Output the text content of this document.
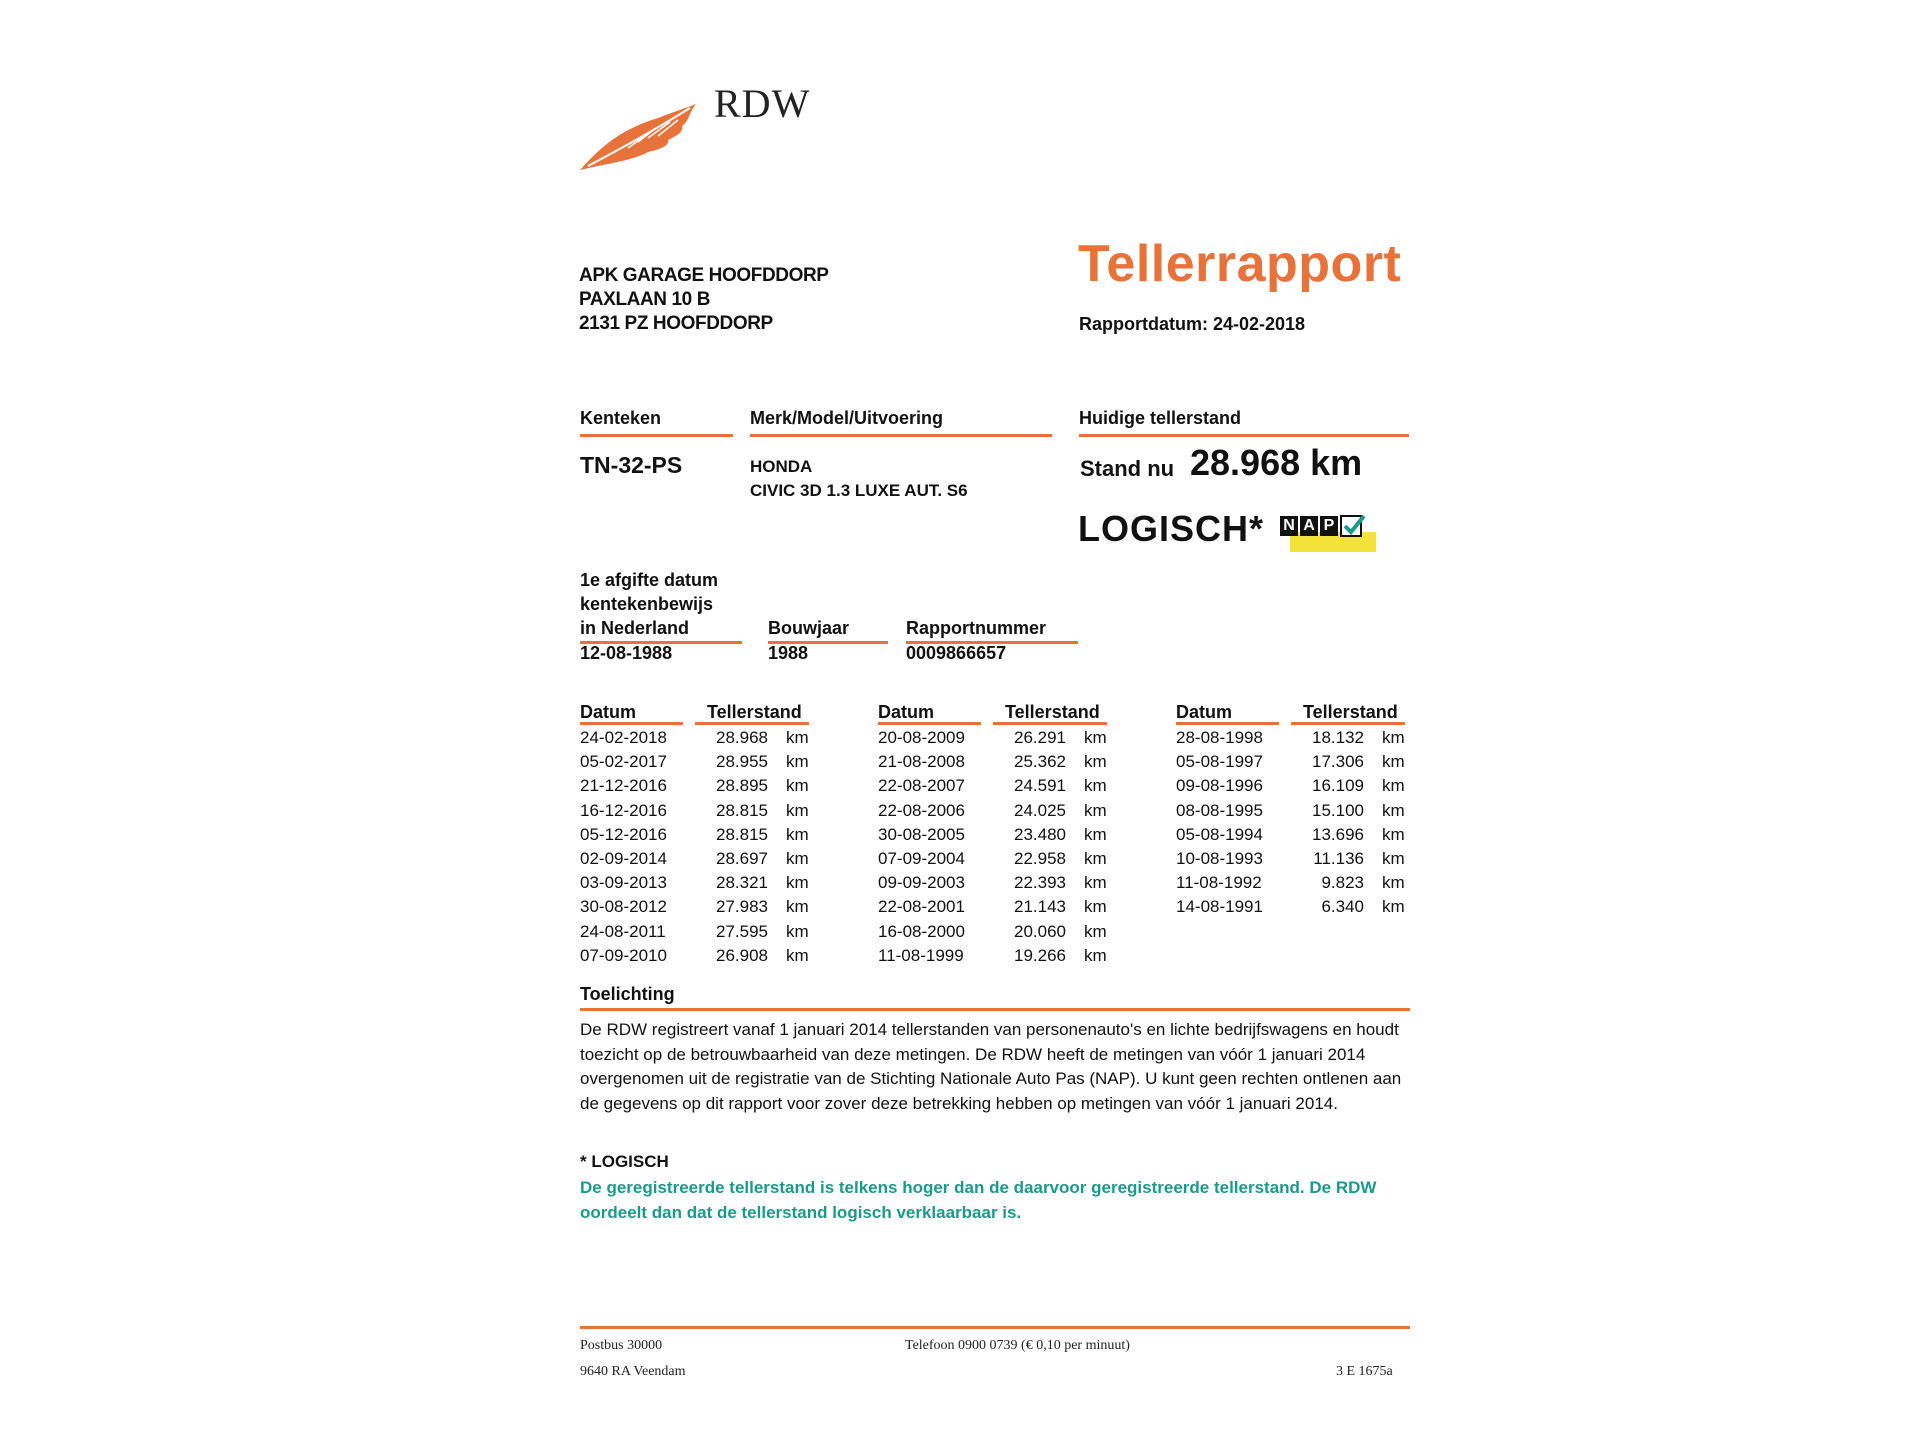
RDW
APK GARAGE HOOFDDORP
PAXLAAN 10 B
2131 PZ HOOFDDORP
Tellerrapport
Rapportdatum: 24-02-2018
Kenteken
TN-32-PS
Merk/Model/Uitvoering
HONDA
CIVIC 3D 1.3 LUXE AUT. S6
Huidige tellerstand
Stand nu 28.968 km
LOGISCH* N A P
1e afgifte datum
kentekenbewijs
in Nederland
12-08-1988
Bouwjaar
1988
Rapportnummer
0009866657
Datum	Tellerstand	Datum	Tellerstand	Datum	Tellerstand
24-02-2018	28.968 km
05-02-2017	28.955 km
21-12-2016	28.895 km
16-12-2016	28.815 km
05-12-2016	28.815 km
02-09-2014	28.697 km
03-09-2013	28.321 km
30-08-2012	27.983 km
24-08-2011	27.595 km
07-09-2010	26.908 km
20-08-2009	26.291 km
21-08-2008	25.362 km
22-08-2007	24.591 km
22-08-2006	24.025 km
30-08-2005	23.480 km
07-09-2004	22.958 km
09-09-2003	22.393 km
22-08-2001	21.143 km
16-08-2000	20.060 km
11-08-1999	19.266 km
28-08-1998	18.132 km
05-08-1997	17.306 km
09-08-1996	16.109 km
08-08-1995	15.100 km
05-08-1994	13.696 km
10-08-1993	11.136 km
11-08-1992	9.823 km
14-08-1991	6.340 km
Toelichting
De RDW registreert vanaf 1 januari 2014 tellerstanden van personenauto's en lichte bedrijfswagens en houdt toezicht op de betrouwbaarheid van deze metingen. De RDW heeft de metingen van vóór 1 januari 2014 overgenomen uit de registratie van de Stichting Nationale Auto Pas (NAP). U kunt geen rechten ontlenen aan de gegevens op dit rapport voor zover deze betrekking hebben op metingen van vóór 1 januari 2014.
* LOGISCH
De geregistreerde tellerstand is telkens hoger dan de daarvoor geregistreerde tellerstand. De RDW oordeelt dan dat de tellerstand logisch verklaarbaar is.
Postbus 30000
9640 RA Veendam
Telefoon 0900 0739 (€ 0,10 per minuut)
3 E 1675a
